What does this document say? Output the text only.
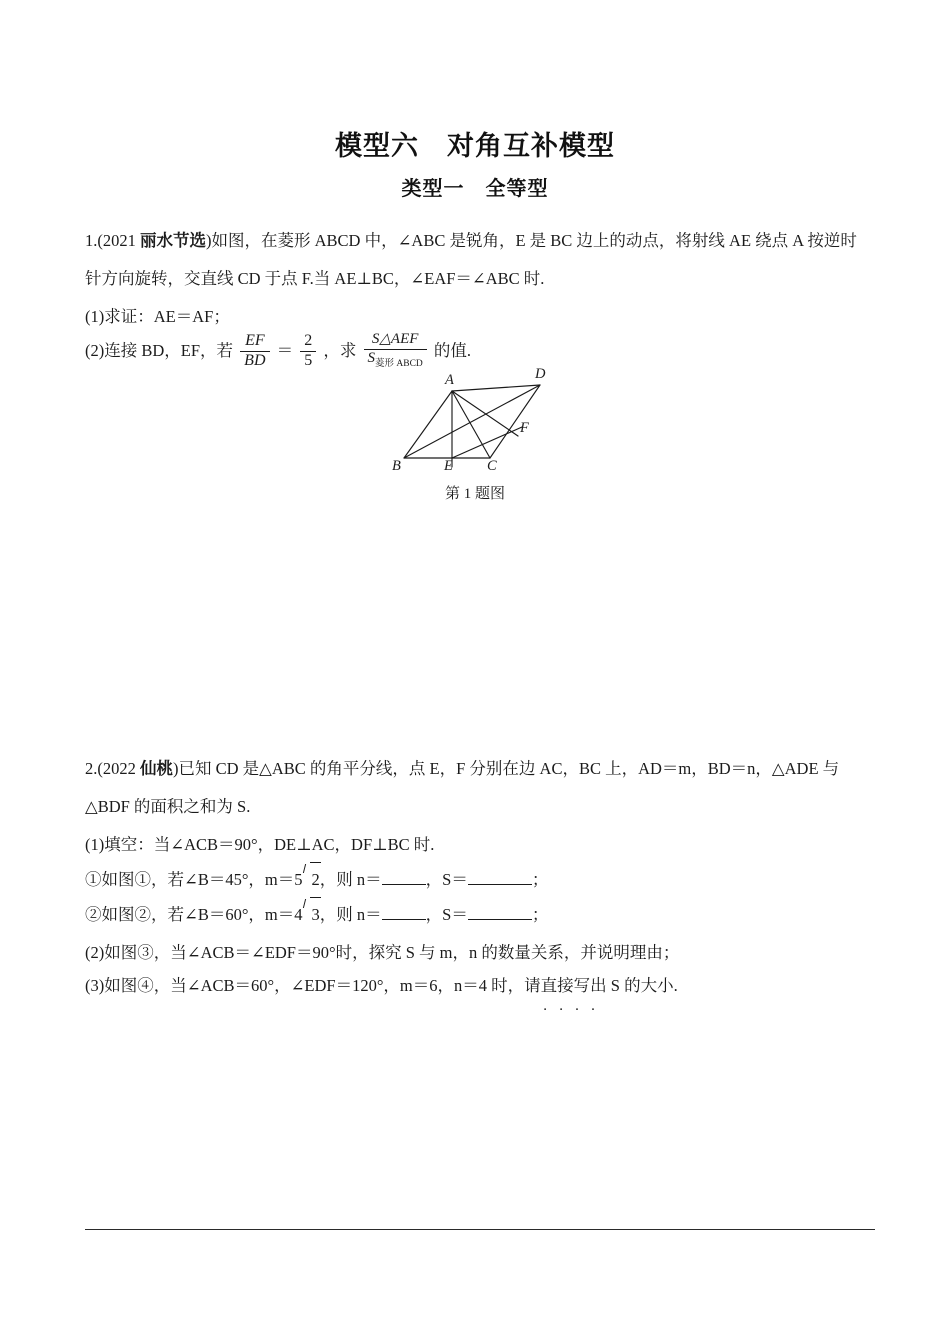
模型六　对角互补模型
类型一　全等型
1.(2021 丽水节选)如图，在菱形 ABCD 中，∠ABC 是锐角，E 是 BC 边上的动点，将射线 AE 绕点 A 按逆时
针方向旋转，交直线 CD 于点 F.当 AE⊥BC，∠EAF＝∠ABC 时.
(1)求证：AE＝AF；
(2)连接 BD，EF，若 $\frac{EF}{BD} = \frac{2}{5}$ ，求 $\frac{\text{S△AEF}}{S_{菱形 ABCD}}$ 的值.
A	D
B	E C
F
第 1 题图
2.(2022 仙桃)已知 CD 是△ABC 的角平分线，点 E，F 分别在边 AC，BC 上，AD＝m，BD＝n，△ADE 与
△BDF 的面积之和为 S.
(1)填空：当∠ACB＝90°，DE⊥AC，DF⊥BC 时.
①如图①，若∠B＝45°，m＝5 2，则 n＝	，S＝	；
②如图②，若∠B＝60°，m＝4 3，则 n＝	，S＝	；
(2)如图③，当∠ACB＝∠EDF＝90°时，探究 S 与 m，n 的数量关系，并说明理由；
(3)如图④，当∠ACB＝60°，∠EDF＝120°，m＝6，n＝4 时，请直接写出 · · S 的大小.
